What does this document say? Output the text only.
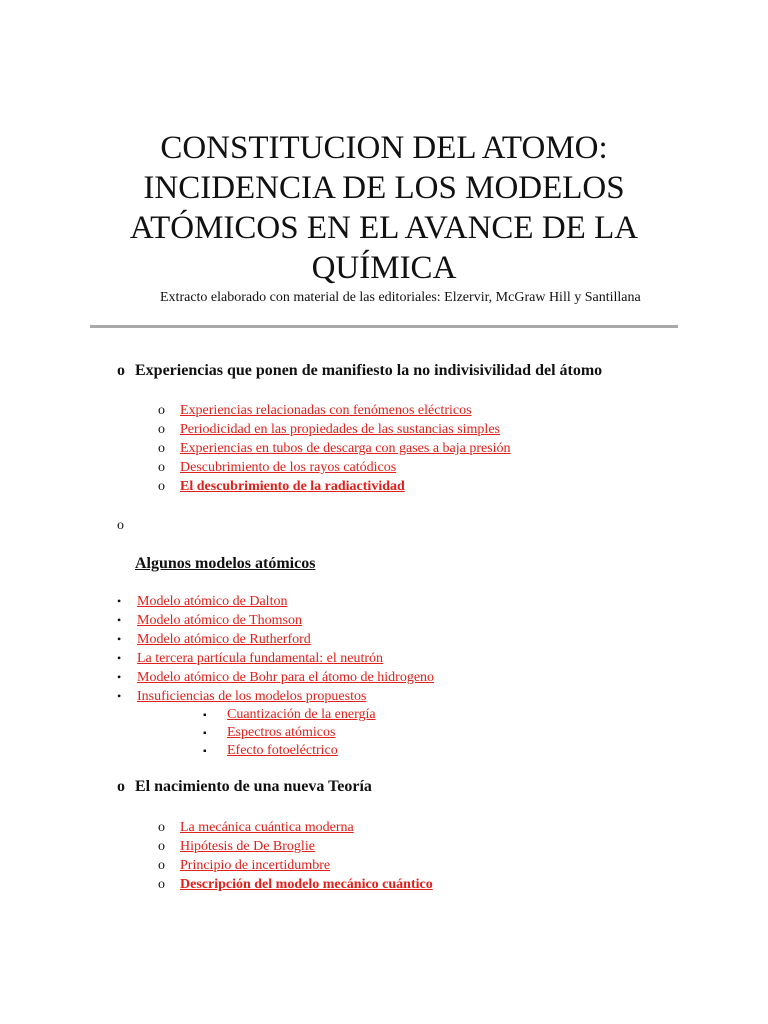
CONSTITUCION DEL ATOMO:
INCIDENCIA DE LOS MODELOS
ATÓMICOS EN EL AVANCE DE LA
QUÍMICA

Extracto elaborado con material de las editoriales: Elzervir, McGraw Hill y Santillana

o Experiencias que ponen de manifiesto la no indivisivilidad del átomo

o Experiencias relacionadas con fenómenos eléctricos
o Periodicidad en las propiedades de las sustancias simples
o Experiencias en tubos de descarga con gases a baja presión
o Descubrimiento de los rayos catódicos
o El descubrimiento de la radiactividad
o

Algunos modelos atómicos

• Modelo atómico de Dalton
• Modelo atómico de Thomson
• Modelo atómico de Rutherford
• La tercera partícula fundamental: el neutrón
• Modelo atómico de Bohr para el átomo de hidrogeno
• Insuficiencias de los modelos propuestos
▪ Cuantización de la energía
▪ Espectros atómicos
▪ Efecto fotoeléctrico

o El nacimiento de una nueva Teoría

o La mecánica cuántica moderna
o Hipótesis de De Broglie
o Principio de incertidumbre
o Descripción del modelo mecánico cuántico
